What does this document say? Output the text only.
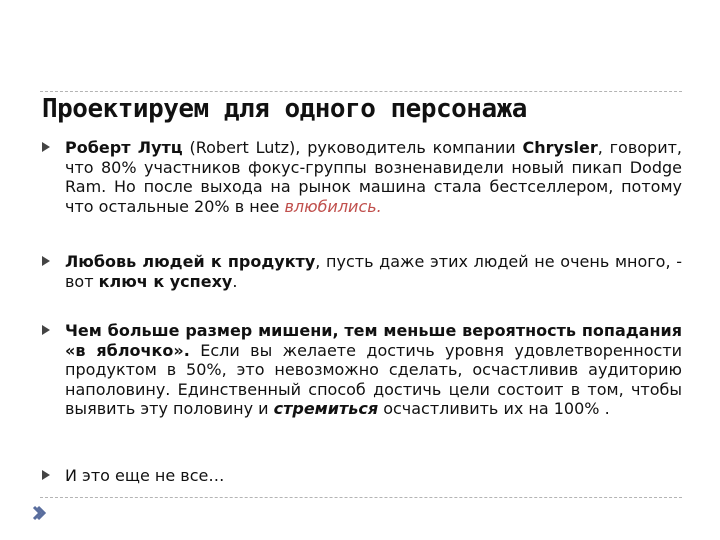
Проектируем для одного персонажа
Роберт Лутц (Robert Lutz), руководитель компании Chrysler, говорит, что 80% участников фокус-группы возненавидели новый пикап Dodge Ram. Но после выхода на рынок машина стала бестселлером, потому что остальные 20% в нее влюбились.
Любовь людей к продукту, пусть даже этих людей не очень много, - вот ключ к успеху.
Чем больше размер мишени, тем меньше вероятность попадания «в яблочко». Если вы желаете достичь уровня удовлетворенности продуктом в 50%, это невозможно сделать, осчастливив аудиторию наполовину. Единственный способ достичь цели состоит в том, чтобы выявить эту половину и стремиться осчастливить их на 100% .
И это еще не все…
